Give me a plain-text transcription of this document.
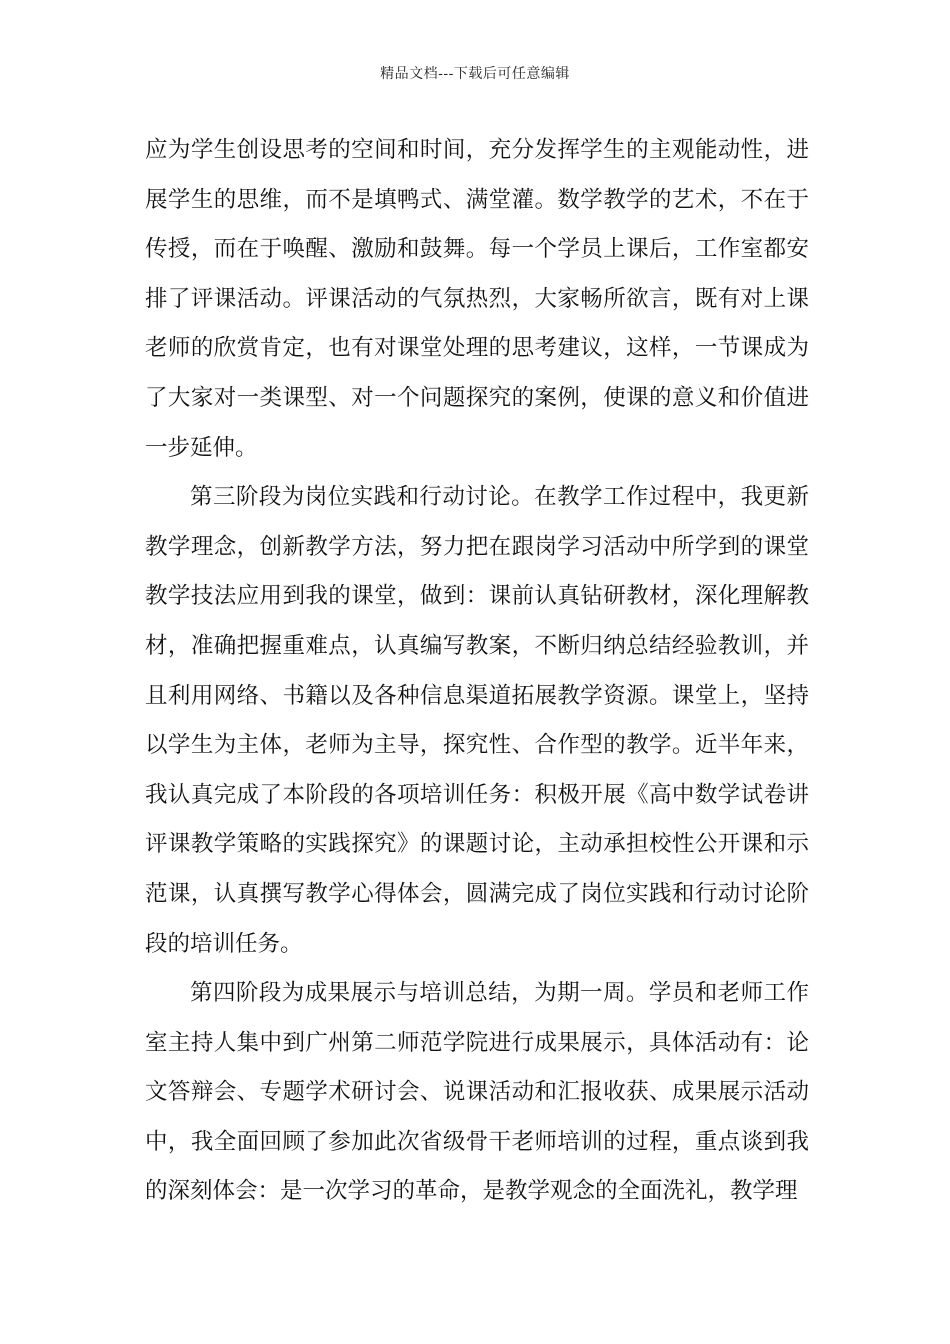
精品文档---下载后可任意编辑

应为学生创设思考的空间和时间，充分发挥学生的主观能动性，进展学生的思维，而不是填鸭式、满堂灌。数学教学的艺术，不在于传授，而在于唤醒、激励和鼓舞。每一个学员上课后，工作室都安排了评课活动。评课活动的气氛热烈，大家畅所欲言，既有对上课老师的欣赏肯定，也有对课堂处理的思考建议，这样，一节课成为了大家对一类课型、对一个问题探究的案例，使课的意义和价值进一步延伸。

第三阶段为岗位实践和行动讨论。在教学工作过程中，我更新教学理念，创新教学方法，努力把在跟岗学习活动中所学到的课堂教学技法应用到我的课堂，做到：课前认真钻研教材，深化理解教材，准确把握重难点，认真编写教案，不断归纳总结经验教训，并且利用网络、书籍以及各种信息渠道拓展教学资源。课堂上，坚持以学生为主体，老师为主导，探究性、合作型的教学。近半年来，我认真完成了本阶段的各项培训任务：积极开展《高中数学试卷讲评课教学策略的实践探究》的课题讨论，主动承担校性公开课和示范课，认真撰写教学心得体会，圆满完成了岗位实践和行动讨论阶段的培训任务。

第四阶段为成果展示与培训总结，为期一周。学员和老师工作室主持人集中到广州第二师范学院进行成果展示，具体活动有：论文答辩会、专题学术研讨会、说课活动和汇报收获、成果展示活动中，我全面回顾了参加此次省级骨干老师培训的过程，重点谈到我的深刻体会：是一次学习的革命，是教学观念的全面洗礼，教学理
